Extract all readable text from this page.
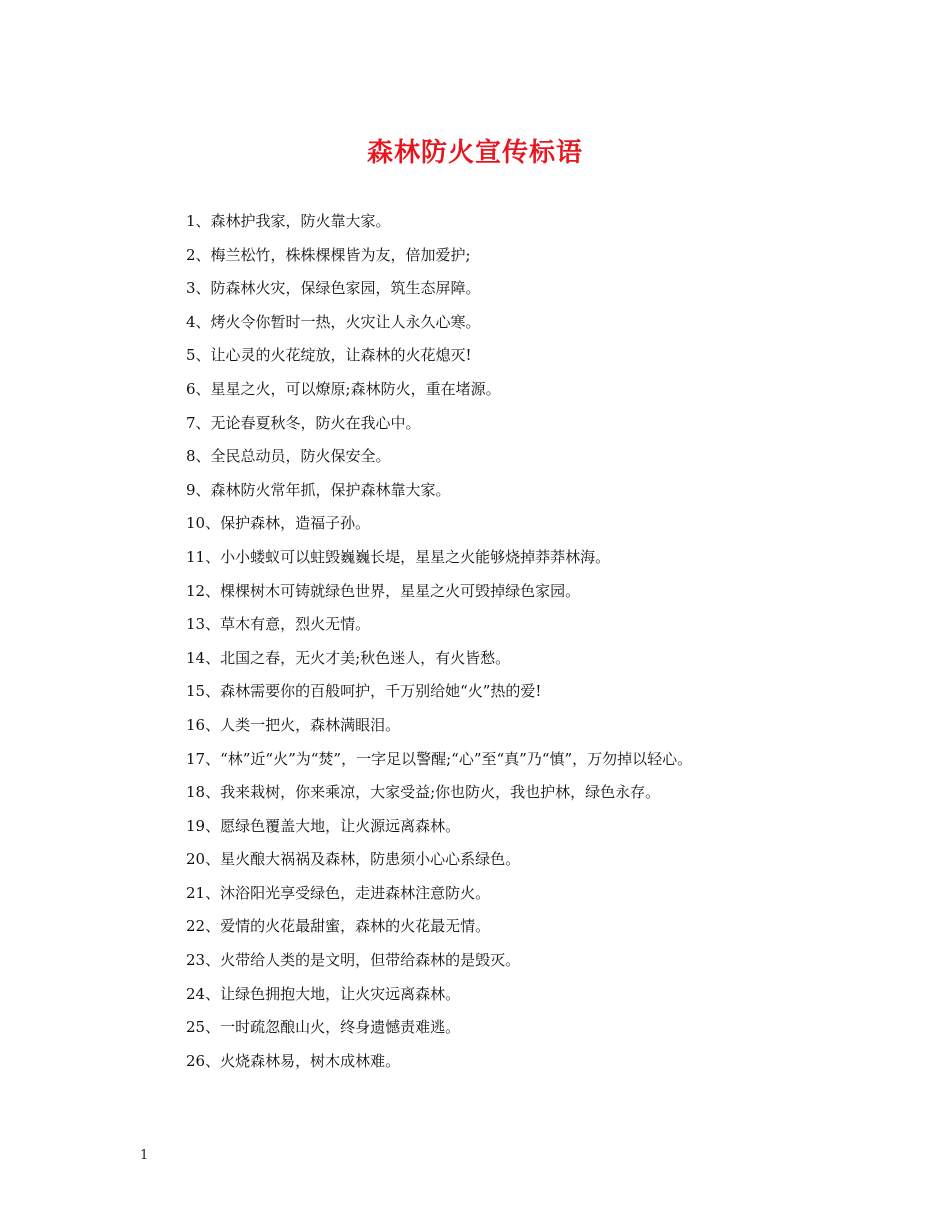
森林防火宣传标语
1、森林护我家，防火靠大家。
2、梅兰松竹，株株棵棵皆为友，倍加爱护;
3、防森林火灾，保绿色家园，筑生态屏障。
4、烤火令你暂时一热，火灾让人永久心寒。
5、让心灵的火花绽放，让森林的火花熄灭!
6、星星之火，可以燎原;森林防火，重在堵源。
7、无论春夏秋冬，防火在我心中。
8、全民总动员，防火保安全。
9、森林防火常年抓，保护森林靠大家。
10、保护森林，造福子孙。
11、小小蝼蚁可以蛀毁巍巍长堤，星星之火能够烧掉莽莽林海。
12、棵棵树木可铸就绿色世界，星星之火可毁掉绿色家园。
13、草木有意，烈火无情。
14、北国之春，无火才美;秋色迷人，有火皆愁。
15、森林需要你的百般呵护，千万别给她“火”热的爱!
16、人类一把火，森林满眼泪。
17、“林”近“火”为“焚”，一字足以警醒;“心”至“真”乃“慎”，万勿掉以轻心。
18、我来栽树，你来乘凉，大家受益;你也防火，我也护林，绿色永存。
19、愿绿色覆盖大地，让火源远离森林。
20、星火酿大祸祸及森林，防患须小心心系绿色。
21、沐浴阳光享受绿色，走进森林注意防火。
22、爱情的火花最甜蜜，森林的火花最无情。
23、火带给人类的是文明，但带给森林的是毁灭。
24、让绿色拥抱大地，让火灾远离森林。
25、一时疏忽酿山火，终身遗憾责难逃。
26、火烧森林易，树木成林难。
1
